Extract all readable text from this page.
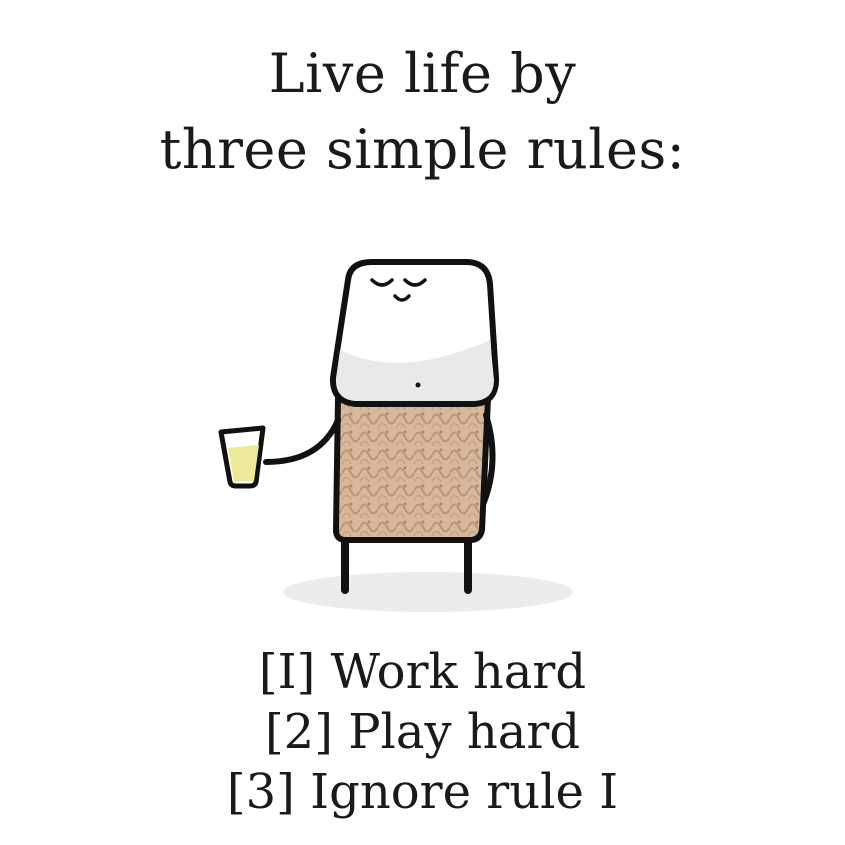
Live life by
three simple rules:
[I] Work hard
[2] Play hard
[3] Ignore rule I
